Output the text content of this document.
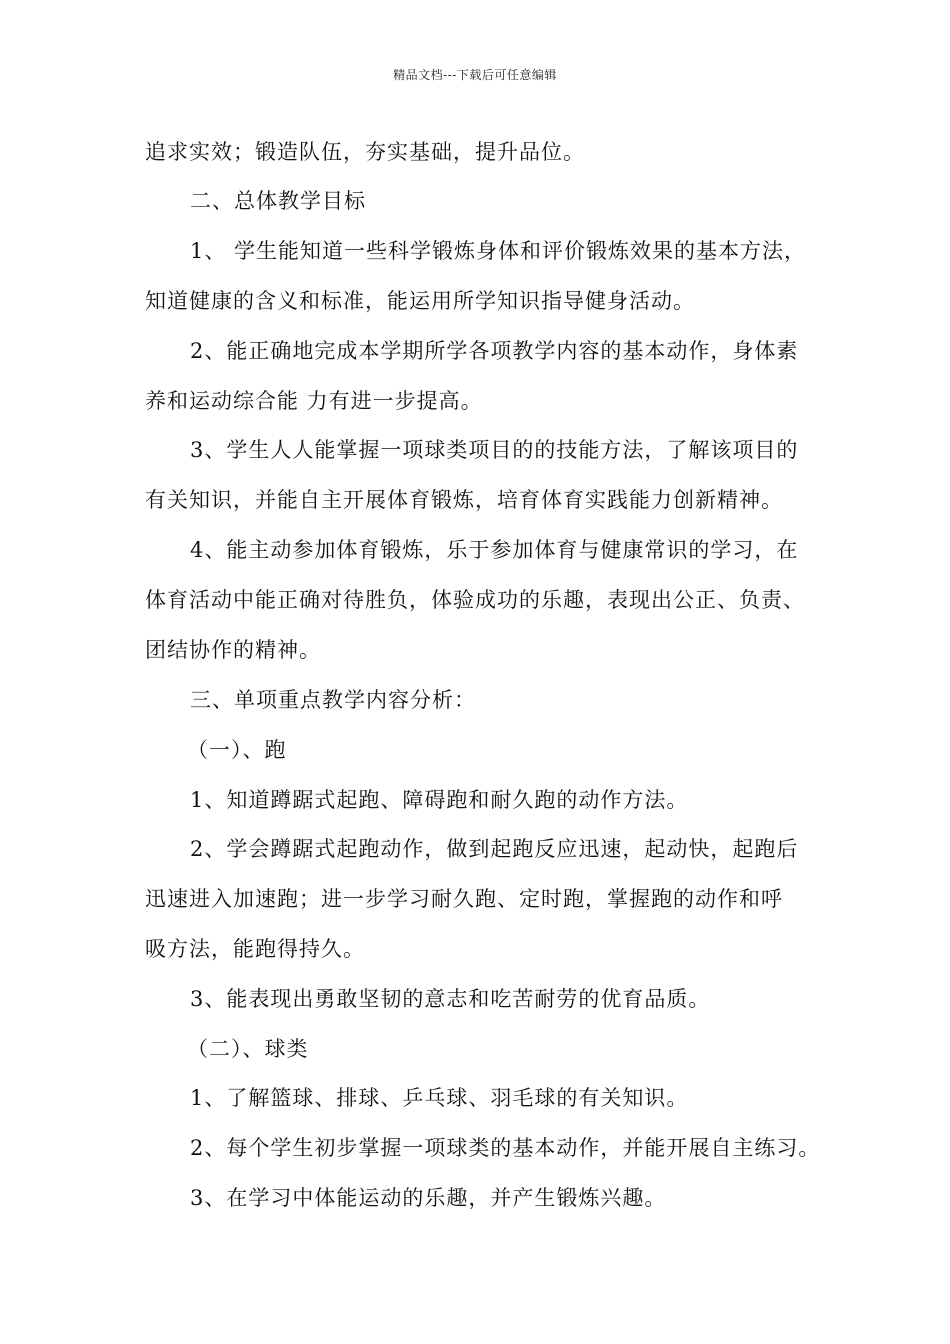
精品文档---下载后可任意编辑
追求实效；锻造队伍，夯实基础，提升品位。
二、总体教学目标
1、 学生能知道一些科学锻炼身体和评价锻炼效果的基本方法，
知道健康的含义和标准，能运用所学知识指导健身活动。
2、能正确地完成本学期所学各项教学内容的基本动作，身体素
养和运动综合能 力有进一步提高。
3、学生人人能掌握一项球类项目的的技能方法，了解该项目的
有关知识，并能自主开展体育锻炼，培育体育实践能力创新精神。
4、能主动参加体育锻炼，乐于参加体育与健康常识的学习，在
体育活动中能正确对待胜负，体验成功的乐趣，表现出公正、负责、
团结协作的精神。
三、单项重点教学内容分析：
（一）、跑
1、知道蹲踞式起跑、障碍跑和耐久跑的动作方法。
2、学会蹲踞式起跑动作，做到起跑反应迅速，起动快，起跑后
迅速进入加速跑；进一步学习耐久跑、定时跑，掌握跑的动作和呼
吸方法，能跑得持久。
3、能表现出勇敢坚韧的意志和吃苦耐劳的优育品质。
（二）、球类
1、了解篮球、排球、乒乓球、羽毛球的有关知识。
2、每个学生初步掌握一项球类的基本动作，并能开展自主练习。
3、在学习中体能运动的乐趣，并产生锻炼兴趣。
